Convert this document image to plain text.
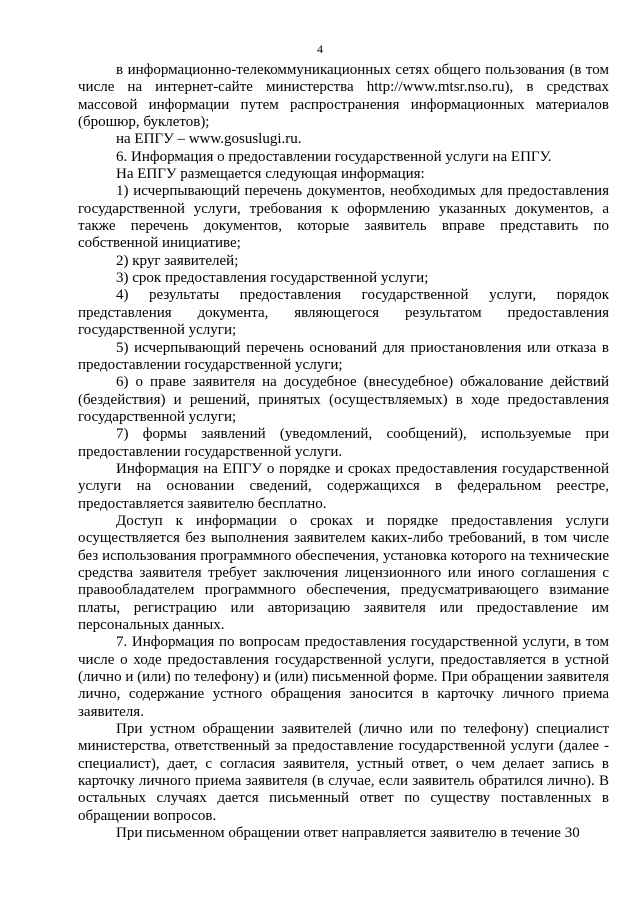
4

в информационно-телекоммуникационных сетях общего пользования (в том числе на интернет-сайте министерства http://www.mtsr.nso.ru), в средствах массовой информации путем распространения информационных материалов (брошюр, буклетов);

на ЕПГУ – www.gosuslugi.ru.

6. Информация о предоставлении государственной услуги на ЕПГУ.

На ЕПГУ размещается следующая информация:

1) исчерпывающий перечень документов, необходимых для предоставления государственной услуги, требования к оформлению указанных документов, а также перечень документов, которые заявитель вправе представить по собственной инициативе;

2) круг заявителей;

3) срок предоставления государственной услуги;

4) результаты предоставления государственной услуги, порядок представления документа, являющегося результатом предоставления государственной услуги;

5) исчерпывающий перечень оснований для приостановления или отказа в предоставлении государственной услуги;

6) о праве заявителя на досудебное (внесудебное) обжалование действий (бездействия) и решений, принятых (осуществляемых) в ходе предоставления государственной услуги;

7) формы заявлений (уведомлений, сообщений), используемые при предоставлении государственной услуги.

Информация на ЕПГУ о порядке и сроках предоставления государственной услуги на основании сведений, содержащихся в федеральном реестре, предоставляется заявителю бесплатно.

Доступ к информации о сроках и порядке предоставления услуги осуществляется без выполнения заявителем каких-либо требований, в том числе без использования программного обеспечения, установка которого на технические средства заявителя требует заключения лицензионного или иного соглашения с правообладателем программного обеспечения, предусматривающего взимание платы, регистрацию или авторизацию заявителя или предоставление им персональных данных.

7. Информация по вопросам предоставления государственной услуги, в том числе о ходе предоставления государственной услуги, предоставляется в устной (лично и (или) по телефону) и (или) письменной форме. При обращении заявителя лично, содержание устного обращения заносится в карточку личного приема заявителя.

При устном обращении заявителей (лично или по телефону) специалист министерства, ответственный за предоставление государственной услуги (далее - специалист), дает, с согласия заявителя, устный ответ, о чем делает запись в карточку личного приема заявителя (в случае, если заявитель обратился лично). В остальных случаях дается письменный ответ по существу поставленных в обращении вопросов.

При письменном обращении ответ направляется заявителю в течение 30
